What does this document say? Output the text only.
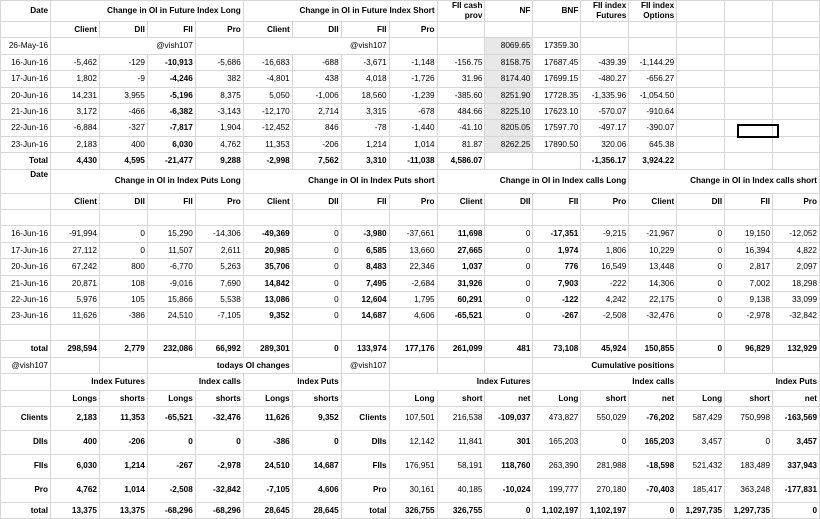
Date	Change in OI in Future Index Long				Change in OI in Future Index Short				FII cash prov	NF	BNF	FII index Futures	FII index Options			
	Client	DII	FII	Pro	Client	DII	FII	Pro								
26-May-16	@vish107				@vish107					8069.65	17359.30					
16-Jun-16	-5,462	-129	-10,913	-5,686	-16,683	-688	-3,671	-1,148	-156.75	8158.75	17687.45	-439.39	-1,144.29			
17-Jun-16	1,802	-9	-4,246	382	-4,801	438	4,018	-1,726	31.96	8174.40	17699.15	-480.27	-656.27			
20-Jun-16	14,231	3,955	-5,196	8,375	5,050	-1,006	18,560	-1,239	-385.60	8251.90	17728.35	-1,335.96	-1,054.50			
21-Jun-16	3,172	-466	-6,382	-3,143	-12,170	2,714	3,315	-678	484.66	8225.10	17623.10	-570.07	-910.64			
22-Jun-16	-6,884	-327	-7,817	1,904	-12,452	846	-78	-1,440	-41.10	8205.05	17597.70	-497.17	-390.07			
23-Jun-16	2,183	400	6,030	4,762	11,353	-206	1,214	1,014	81.87	8262.25	17890.50	320.06	645.38			
Total	4,430	4,595	-21,477	9,288	-2,998	7,562	3,310	-11,038	4,586.07			-1,356.17	3,924.22			
Date	Change in OI in Index Puts Long				Change in OI in Index Puts short				Change in OI in Index calls Long				Change in OI in Index calls short			
	Client	DII	FII	Pro	Client	DII	FII	Pro	Client	DII	FII	Pro	Client	DII	FII	Pro

16-Jun-16	-91,994	0	15,290	-14,306	-49,369	0	-3,980	-37,661	11,698	0	-17,351	-9,215	-21,967	0	19,150	-12,052
17-Jun-16	27,112	0	11,507	2,611	20,985	0	6,585	13,660	27,665	0	1,974	1,806	10,229	0	16,394	4,822
20-Jun-16	67,242	800	-6,770	5,263	35,706	0	8,483	22,346	1,037	0	776	16,549	13,448	0	2,817	2,097
21-Jun-16	20,871	108	-9,016	7,690	14,842	0	7,495	-2,684	31,926	0	7,903	-222	14,306	0	7,002	18,298
22-Jun-16	5,976	105	15,866	5,538	13,086	0	12,604	1,795	60,291	0	-122	4,242	22,175	0	9,138	33,099
23-Jun-16	11,626	-386	24,510	-7,105	9,352	0	14,687	4,606	-65,521	0	-267	-2,508	-32,476	0	-2,978	-32,842

total	298,594	2,779	232,086	66,992	289,301	0	133,974	177,176	261,099	481	73,108	45,924	150,855	0	96,829	132,929
@vish107			todays OI changes				@vish107				Cumulative positions					
	Index Futures		Index calls		Index Puts			Index Futures			Index calls			Index Puts		
	Longs	shorts	Longs	shorts	Longs	shorts		Long	short	net	Long	short	net	Long	short	net
Clients	2,183	11,353	-65,521	-32,476	11,626	9,352	Clients	107,501	216,538	-109,037	473,827	550,029	-76,202	587,429	750,998	-163,569
DIIs	400	-206	0	0	-386	0	DIIs	12,142	11,841	301	165,203	0	165,203	3,457	0	3,457
FIIs	6,030	1,214	-267	-2,978	24,510	14,687	FIIs	176,951	58,191	118,760	263,390	281,988	-18,598	521,432	183,489	337,943
Pro	4,762	1,014	-2,508	-32,842	-7,105	4,606	Pro	30,161	40,185	-10,024	199,777	270,180	-70,403	185,417	363,248	-177,831
total	13,375	13,375	-68,296	-68,296	28,645	28,645	total	326,755	326,755	0	1,102,197	1,102,197	0	1,297,735	1,297,735	0
